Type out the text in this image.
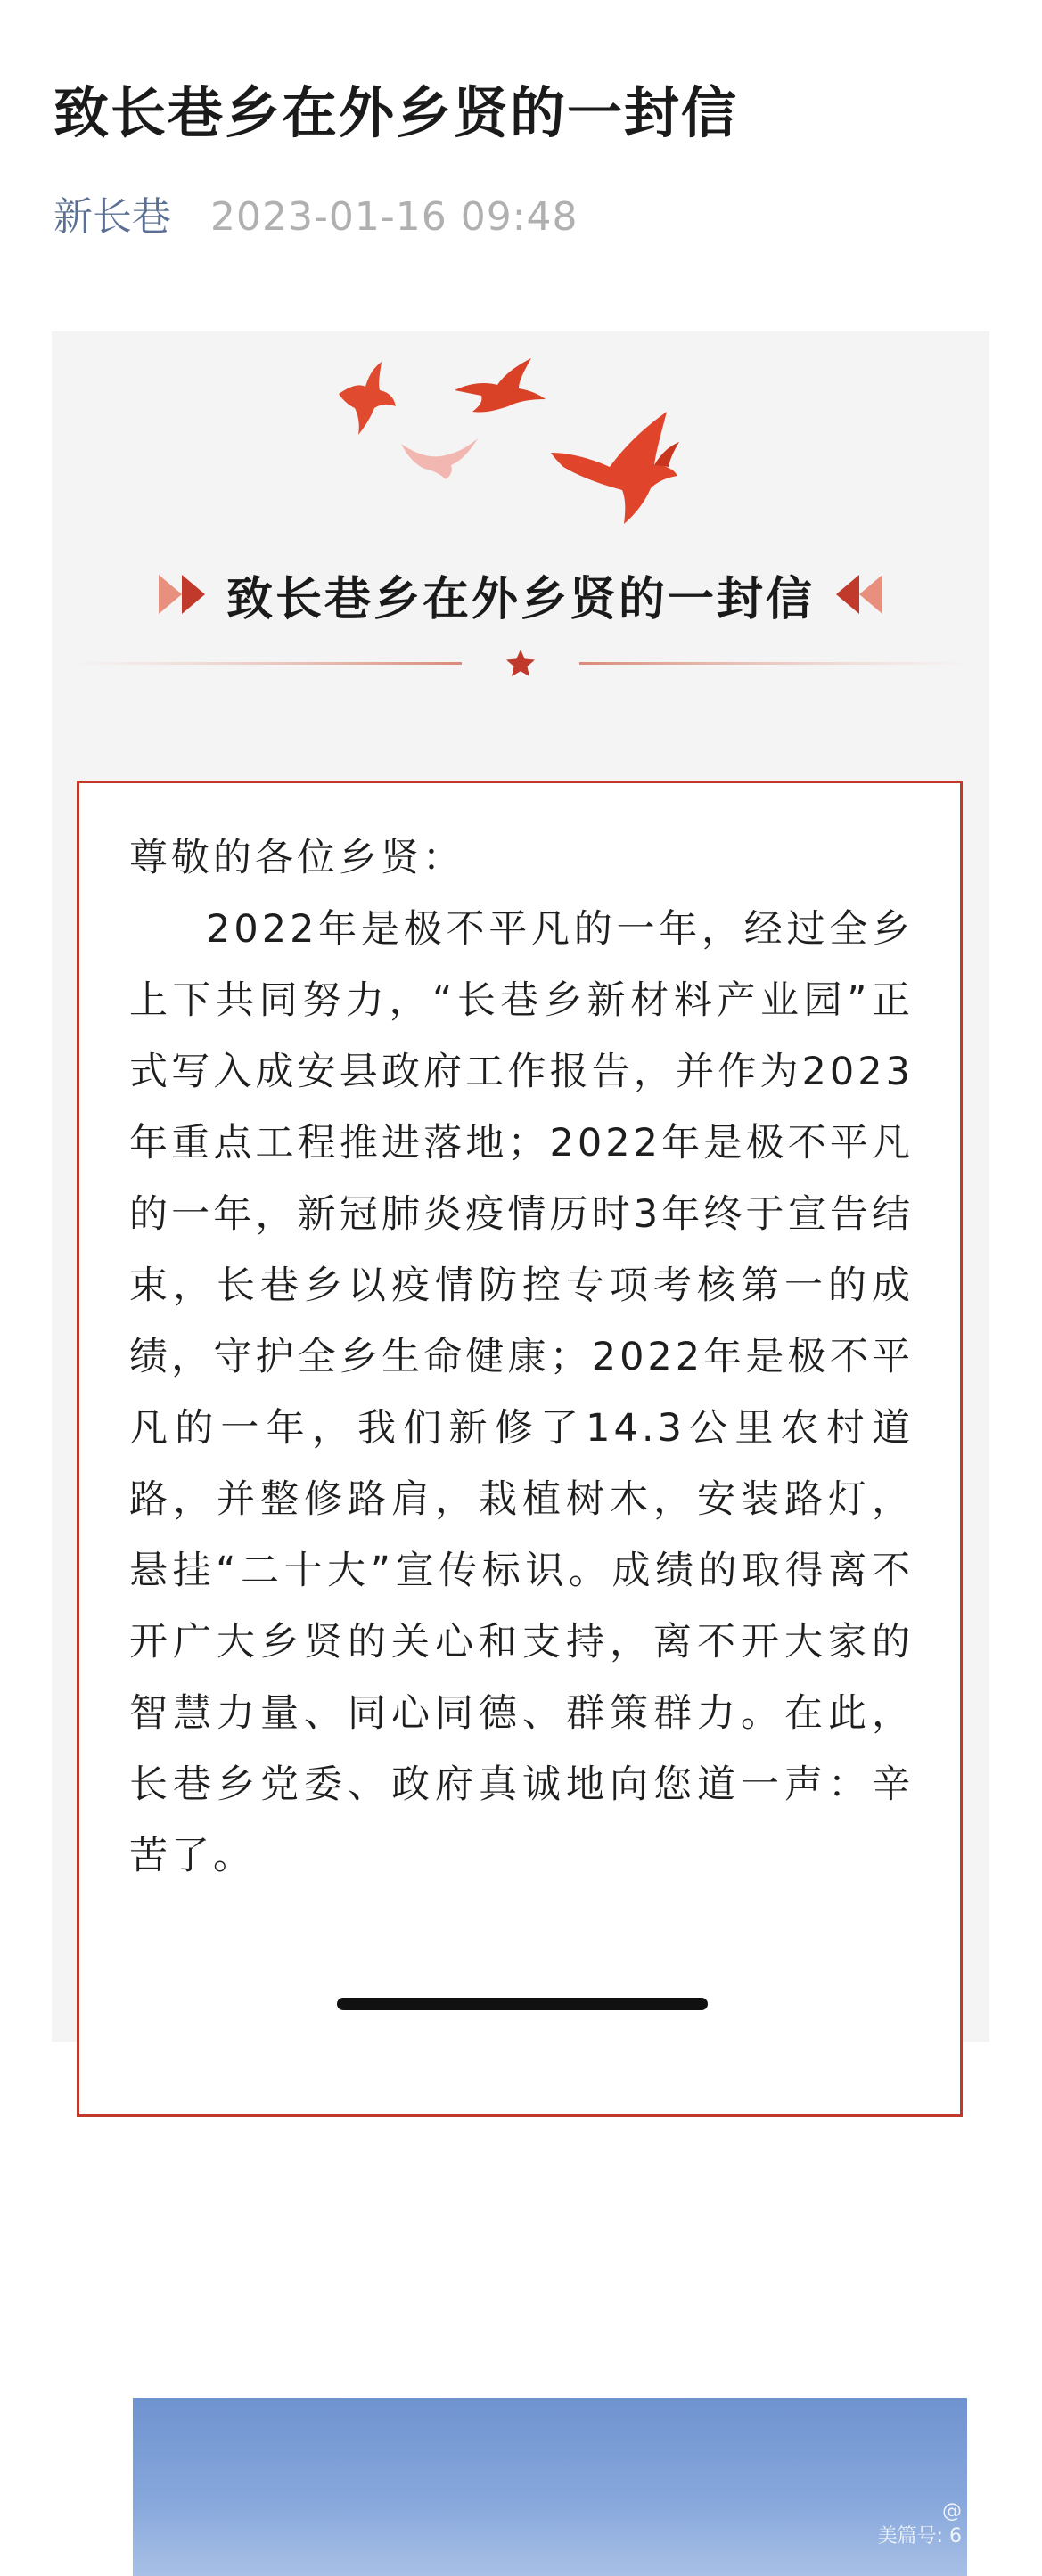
致长巷乡在外乡贤的一封信
新长巷 2023-01-16 09:48
致长巷乡在外乡贤的一封信

尊敬的各位乡贤：

2022年是极不平凡的一年，经过全乡上下共同努力，“长巷乡新材料产业园”正式写入成安县政府工作报告，并作为2023年重点工程推进落地；2022年是极不平凡的一年，新冠肺炎疫情历时3年终于宣告结束，长巷乡以疫情防控专项考核第一的成绩，守护全乡生命健康；2022年是极不平凡的一年，我们新修了14.3公里农村道路，并整修路肩，栽植树木，安装路灯，悬挂“二十大”宣传标识。成绩的取得离不开广大乡贤的关心和支持，离不开大家的智慧力量、同心同德、群策群力。在此，长巷乡党委、政府真诚地向您道一声：辛苦了。

@
美篇号: 6
